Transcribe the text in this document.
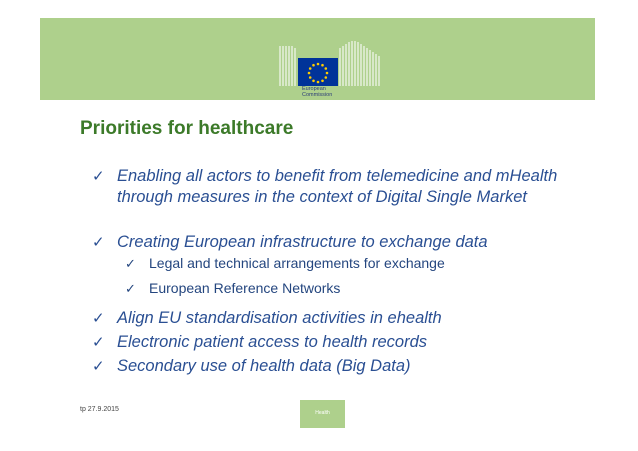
European
Commission
Priorities for healthcare
✓ Enabling all actors to benefit from telemedicine and mHealth through measures in the context of Digital Single Market
✓ Creating European infrastructure to exchange data
✓ Legal and technical arrangements for exchange
✓ European Reference Networks
✓ Align EU standardisation activities in ehealth
✓ Electronic patient access to health records
✓ Secondary use of health data (Big Data)
tp 27.9.2015	Health
